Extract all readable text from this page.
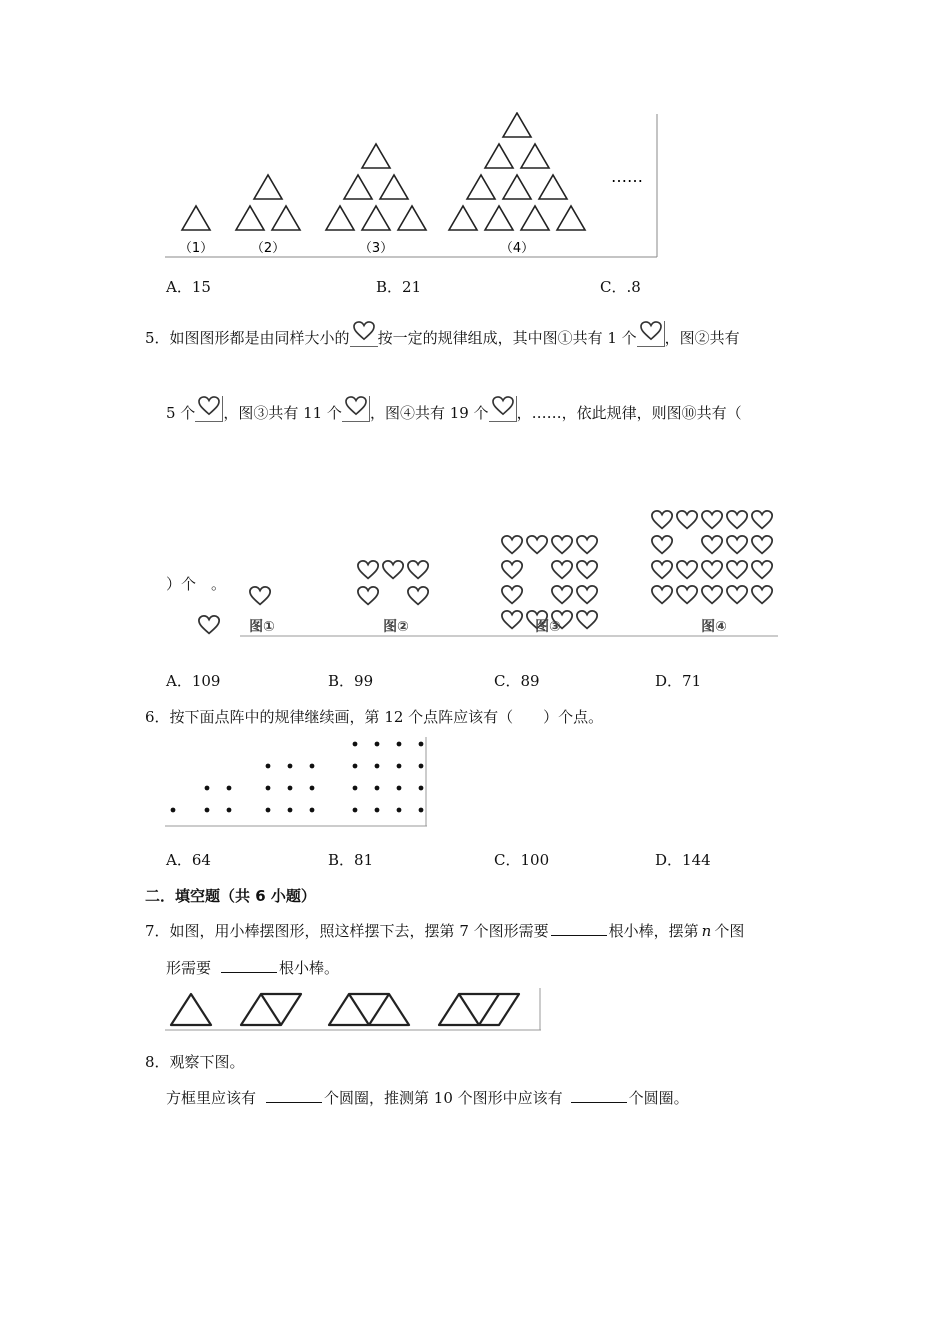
（1）	（2）	（3）	（4）
……
A．15	B．21	C．.8
5．如图图形都是由同样大小的 按一定的规律组成，其中图①共有 1 个 ，图②共有
5 个 ，图③共有 11 个 ，图④共有 19 个 ，……，依此规律，则图⑩共有（
）个　。
图①	图②	图③	图④
A．109	B．99	C．89	D．71
6．按下面点阵中的规律继续画，第 12 个点阵应该有（　　）个点。
A．64	B．81	C．100	D．144
二．填空题（共 6 小题）
7．如图，用小棒摆图形，照这样摆下去，摆第 7 个图形需要	根小棒，摆第 n 个图
形需要	根小棒。
8．观察下图。
方框里应该有	个圆圈，推测第 10 个图形中应该有	个圆圈。
